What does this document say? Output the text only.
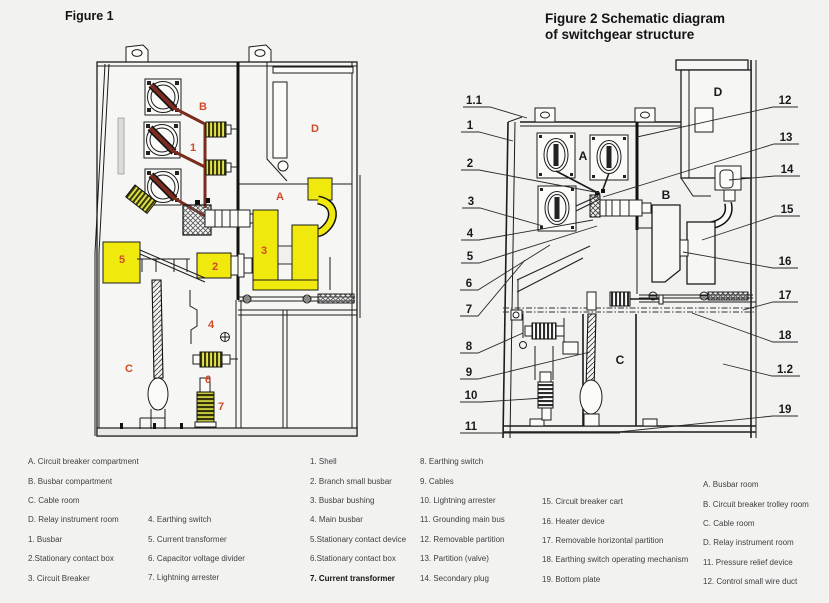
Figure 1	Figure 2 Schematic diagram
of switchgear structure
B
1
D
A
5
2
3
4
C
6
7
1.1
1
2
3
4
5
6
7
8
9
10
11
12
13
14
15
16
17
18
1.2
19
A
B
C
D
A. Circuit breaker compartment
B. Busbar compartment
C. Cable room
D. Relay instrument room
1. Busbar
2.Stationary contact box
3. Circuit Breaker
4. Earthing switch
5. Current transformer
6. Capacitor voltage divider
7. Lightning arrester
1. Shell
2. Branch small busbar
3. Busbar bushing
4. Main busbar
5.Stationary contact device
6.Stationary contact box
7. Current transformer
8. Earthing switch
9. Cables
10. Lightning arrester
11. Grounding main bus
12. Removable partition
13. Partition (valve)
14. Secondary plug
15. Circuit breaker cart
16. Heater device
17. Removable horizontal partition
18. Earthing switch operating mechanism
19. Bottom plate
A. Busbar room
B. Circuit breaker trolley room
C. Cable room
D. Relay instrument room
11. Pressure relief device
12. Control small wire duct
